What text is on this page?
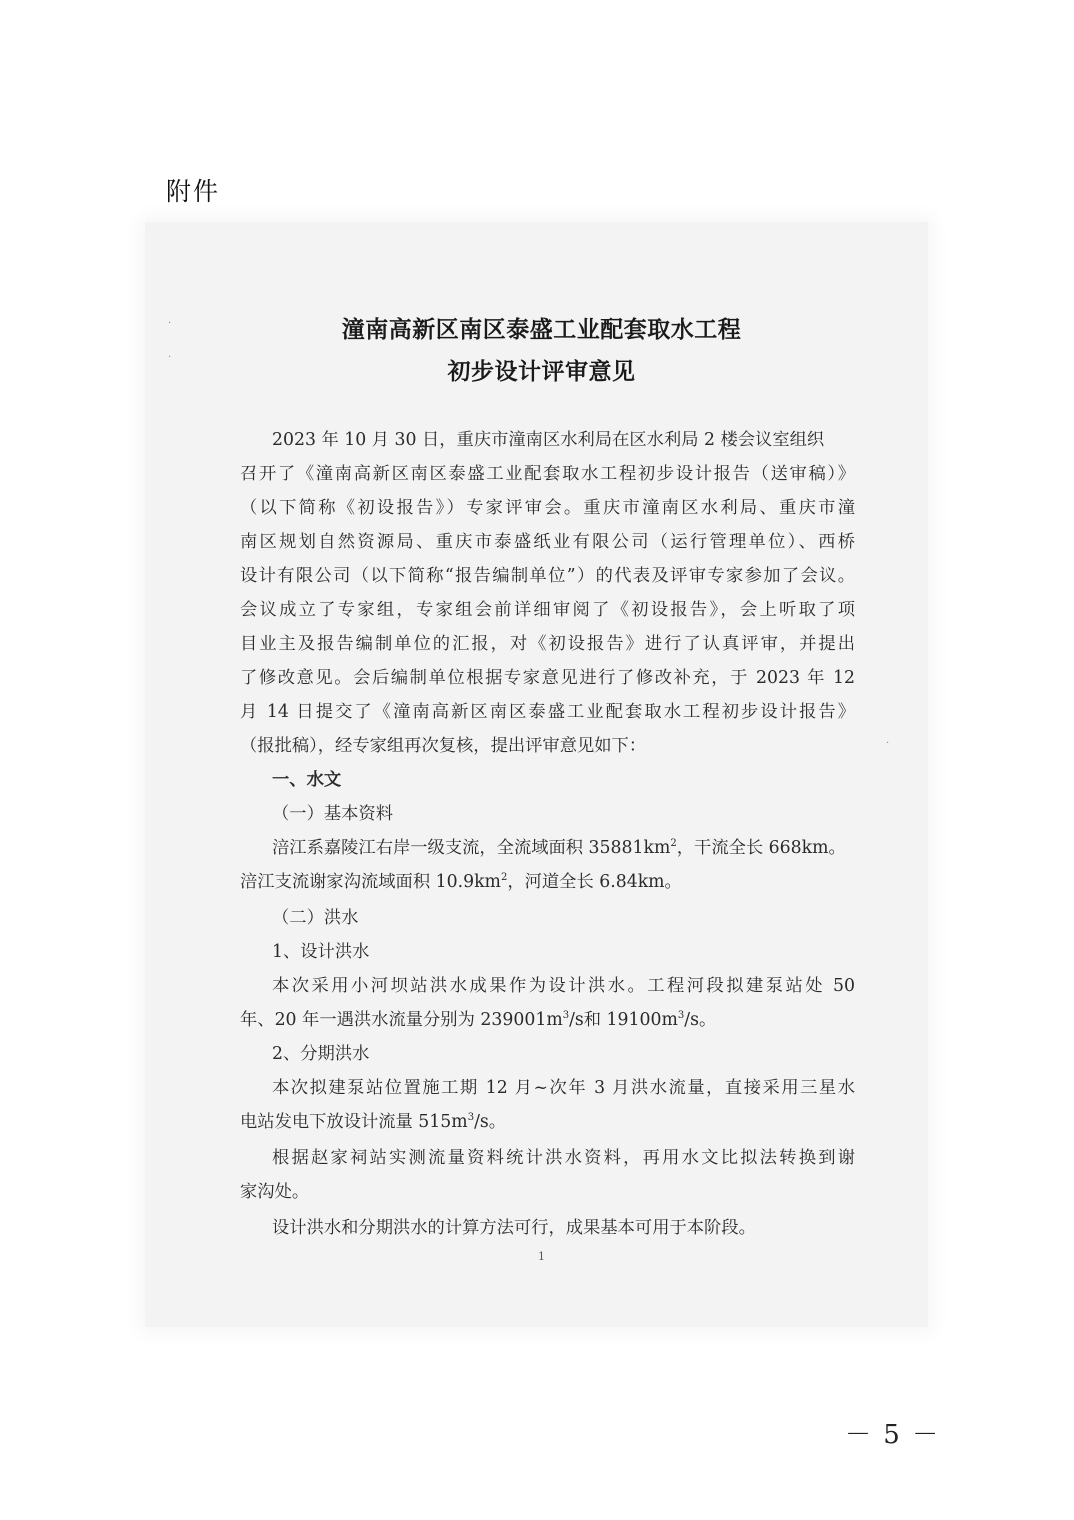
附件
·
·
·
潼南高新区南区泰盛工业配套取水工程
初步设计评审意见
2023 年 10 月 30 日，重庆市潼南区水利局在区水利局 2 楼会议室组织
召开了《潼南高新区南区泰盛工业配套取水工程初步设计报告（送审稿）》
（以下简称《初设报告》）专家评审会。重庆市潼南区水利局、重庆市潼
南区规划自然资源局、重庆市泰盛纸业有限公司（运行管理单位）、西桥
设计有限公司（以下简称“报告编制单位”）的代表及评审专家参加了会议。
会议成立了专家组，专家组会前详细审阅了《初设报告》，会上听取了项
目业主及报告编制单位的汇报，对《初设报告》进行了认真评审，并提出
了修改意见。会后编制单位根据专家意见进行了修改补充，于 2023 年 12
月 14 日提交了《潼南高新区南区泰盛工业配套取水工程初步设计报告》
（报批稿），经专家组再次复核，提出评审意见如下：
一、水文
（一）基本资料
涪江系嘉陵江右岸一级支流，全流域面积 $35881km^2$，干流全长 668km。
涪江支流谢家沟流域面积 $10.9km^2$，河道全长 6.84km。
（二）洪水
1、设计洪水
本次采用小河坝站洪水成果作为设计洪水。工程河段拟建泵站处 50
年、20 年一遇洪水流量分别为 $239001m^3/s$和 $19100m^3/s$。
2、分期洪水
本次拟建泵站位置施工期 12 月~次年 3 月洪水流量，直接采用三星水
电站发电下放设计流量 $515m^3/s$。
根据赵家祠站实测流量资料统计洪水资料，再用水文比拟法转换到谢
家沟处。
设计洪水和分期洪水的计算方法可行，成果基本可用于本阶段。
1
－ 5 －
